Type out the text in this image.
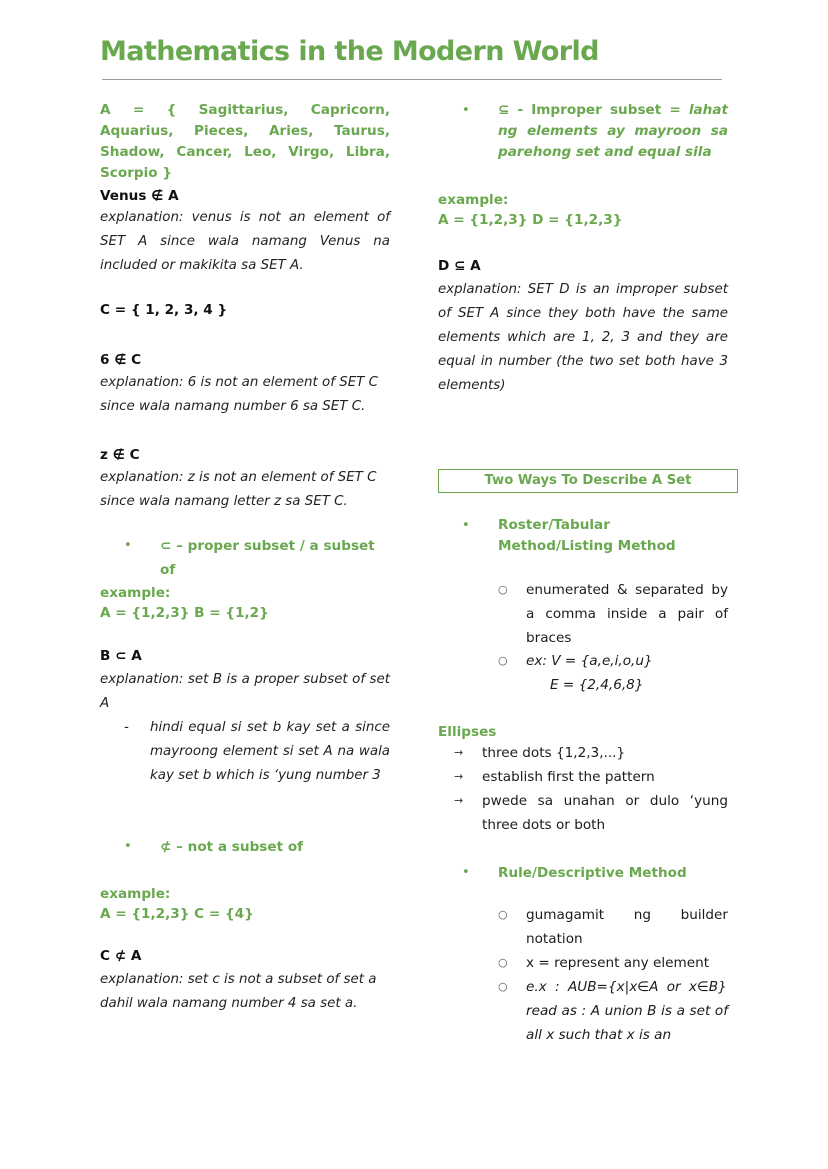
Mathematics in the Modern World
A = { Sagittarius, Capricorn, Aquarius, Pieces, Aries, Taurus, Shadow, Cancer, Leo, Virgo, Libra, Scorpio }
Venus ∉ A
explanation: venus is not an element of SET A since wala namang Venus na included or makikita sa SET A.
C = { 1, 2, 3, 4 }
6 ∉ C
explanation: 6 is not an element of SET C since wala namang number 6 sa SET C.
z ∉ C
explanation: z is not an element of SET C since wala namang letter z sa SET C.
•	⊂ – proper subset / a subset of
example:
A = {1,2,3} B = {1,2}
B ⊂ A
explanation: set B is a proper subset of set A
-	hindi equal si set b kay set a since mayroong element si set A na wala kay set b which is ‘yung number 3
•	⊄ – not a subset of
example:
A = {1,2,3} C = {4}
C ⊄ A
explanation: set c is not a subset of set a dahil wala namang number 4 sa set a.
•	⊆ - Improper subset = lahat ng elements ay mayroon sa parehong set and equal sila
example:
A = {1,2,3} D = {1,2,3}
D ⊆ A
explanation: SET D is an improper subset of SET A since they both have the same elements which are 1, 2, 3 and they are equal in number (the two set both have 3 elements)
Two Ways To Describe A Set
•	Roster/Tabular Method/Listing Method
○	enumerated & separated by a comma inside a pair of braces
○	ex: V = {a,e,i,o,u}
E = {2,4,6,8}
Ellipses
→	three dots {1,2,3,...}
→	establish first the pattern
→	pwede sa unahan or dulo ‘yung three dots or both
•	Rule/Descriptive Method
○	gumagamit ng builder notation
○	x = represent any element
○	e.x : AUB={x|x∈A or x∈B}
read as : A union B is a set of all x such that x is an
